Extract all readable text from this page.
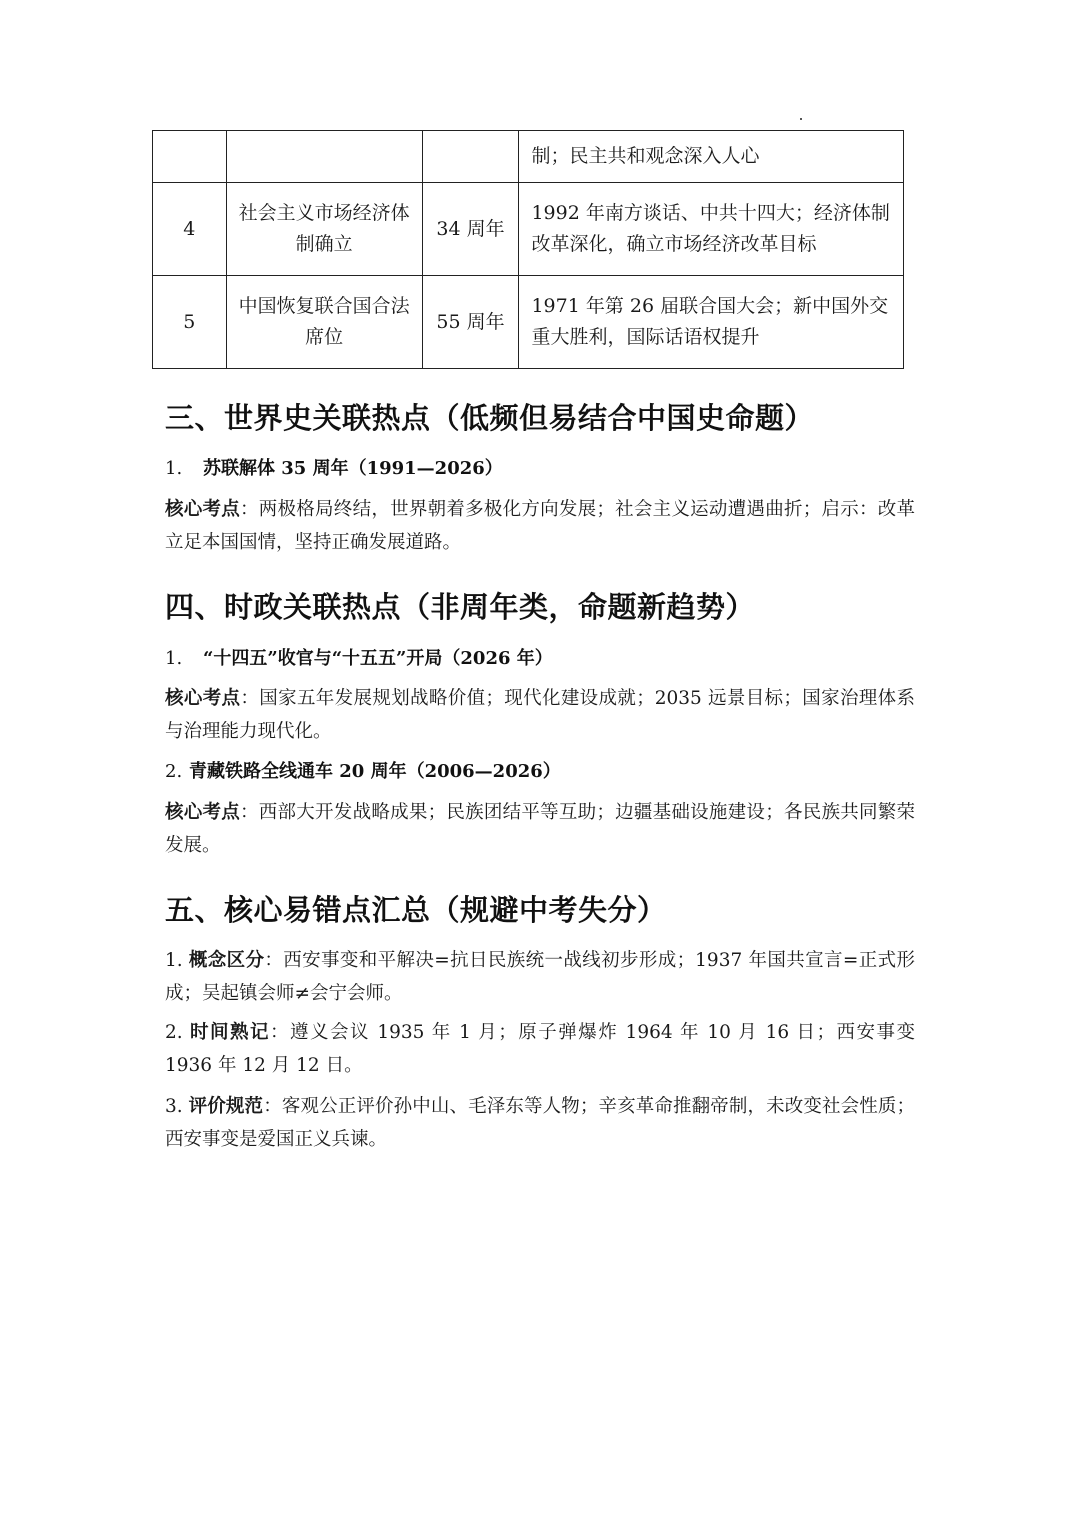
			制；民主共和观念深入人心
4	社会主义市场经济体制确立	34 周年	1992 年南方谈话、中共十四大；经济体制改革深化，确立市场经济改革目标
5	中国恢复联合国合法席位	55 周年	1971 年第 26 届联合国大会；新中国外交重大胜利，国际话语权提升
三、世界史关联热点（低频但易结合中国史命题）

1. 苏联解体 35 周年（1991—2026）

核心考点：两极格局终结，世界朝着多极化方向发展；社会主义运动遭遇曲折；启示：改革立足本国国情，坚持正确发展道路。

四、时政关联热点（非周年类，命题新趋势）

1. “十四五”收官与“十五五”开局（2026 年）

核心考点：国家五年发展规划战略价值；现代化建设成就；2035 远景目标；国家治理体系与治理能力现代化。

2. 青藏铁路全线通车 20 周年（2006—2026）

核心考点：西部大开发战略成果；民族团结平等互助；边疆基础设施建设；各民族共同繁荣发展。

五、核心易错点汇总（规避中考失分）

1. 概念区分：西安事变和平解决=抗日民族统一战线初步形成；1937 年国共宣言=正式形成；吴起镇会师≠会宁会师。

2. 时间熟记：遵义会议 1935 年 1 月；原子弹爆炸 1964 年 10 月 16 日；西安事变 1936 年 12 月 12 日。

3. 评价规范：客观公正评价孙中山、毛泽东等人物；辛亥革命推翻帝制，未改变社会性质；西安事变是爱国正义兵谏。
